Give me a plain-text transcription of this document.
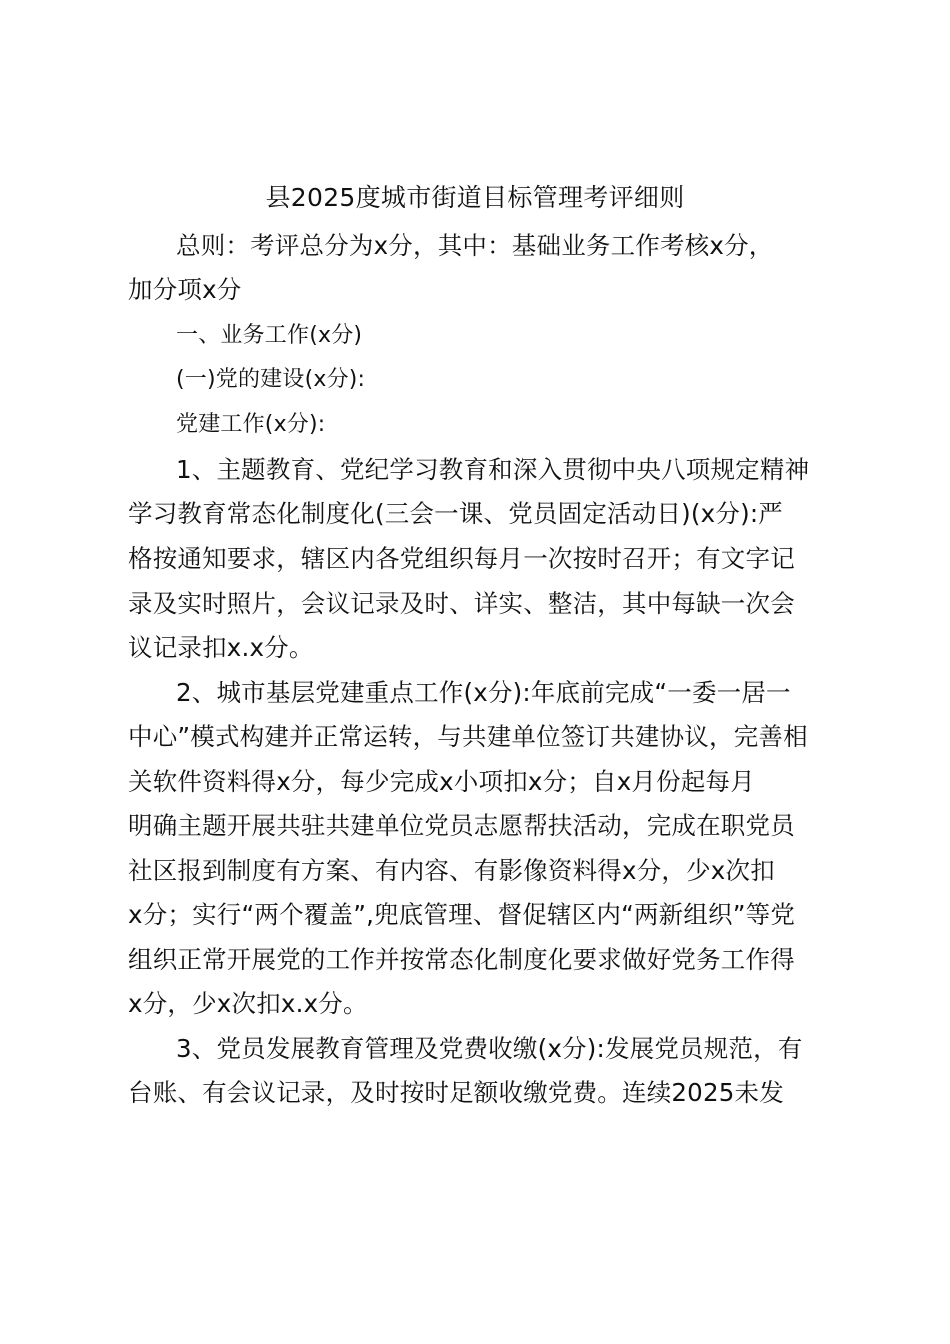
县2025度城市街道目标管理考评细则
总则：考评总分为x分，其中：基础业务工作考核x分，
加分项x分
一、业务工作(x分)
(一)党的建设(x分):
党建工作(x分):
1、主题教育、党纪学习教育和深入贯彻中央八项规定精神
学习教育常态化制度化(三会一课、党员固定活动日)(x分):严
格按通知要求，辖区内各党组织每月一次按时召开；有文字记
录及实时照片，会议记录及时、详实、整洁，其中每缺一次会
议记录扣x.x分。
2、城市基层党建重点工作(x分):年底前完成“一委一居一
中心”模式构建并正常运转，与共建单位签订共建协议，完善相
关软件资料得x分，每少完成x小项扣x分；自x月份起每月
明确主题开展共驻共建单位党员志愿帮扶活动，完成在职党员
社区报到制度有方案、有内容、有影像资料得x分，少x次扣
x分；实行“两个覆盖”,兜底管理、督促辖区内“两新组织”等党
组织正常开展党的工作并按常态化制度化要求做好党务工作得
x分，少x次扣x.x分。
3、党员发展教育管理及党费收缴(x分):发展党员规范，有
台账、有会议记录，及时按时足额收缴党费。连续2025未发
